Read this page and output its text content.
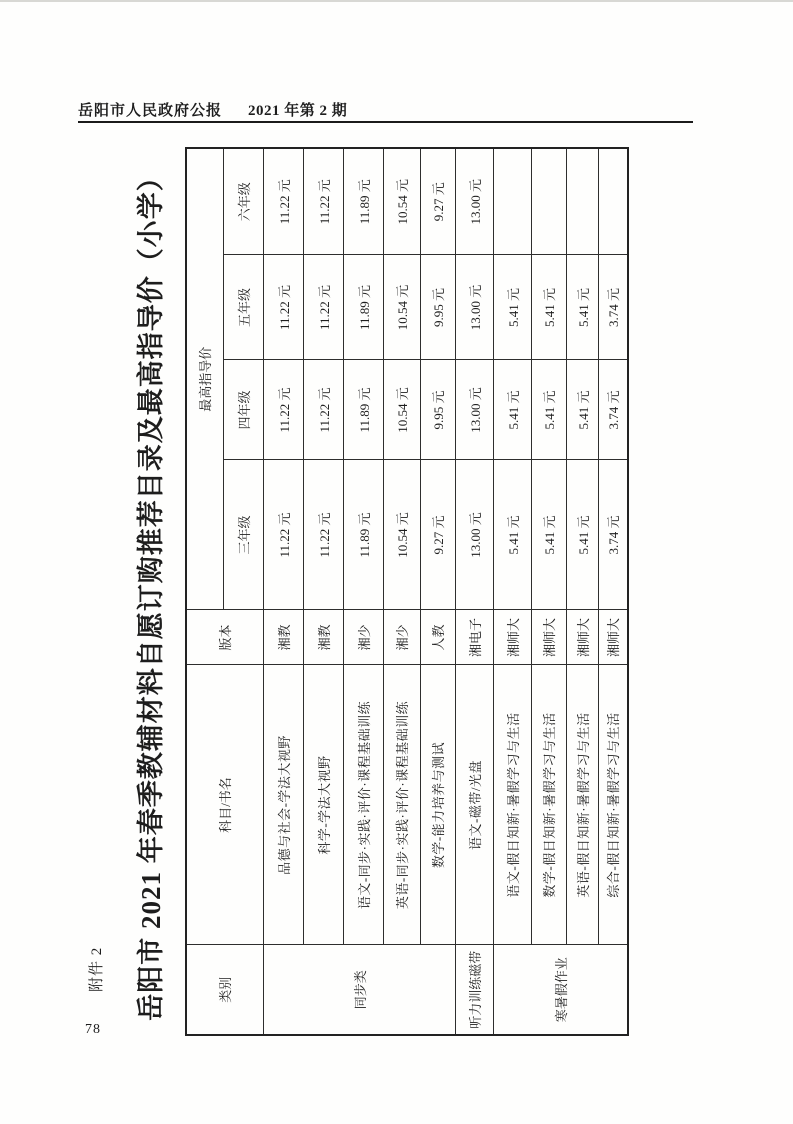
岳阳市人民政府公报 2021 年第 2 期
附件 2 岳阳市 2021 年春季教辅材料自愿订购推荐目录及最高指导价（小学）	类别	科目/书名	版本	最高指导价			
			三年级	四年级	五年级	六年级
同步类	品德与社会-学法大视野	湘教	11.22 元	11.22 元	11.22 元	11.22 元
	科学-学法大视野	湘教	11.22 元	11.22 元	11.22 元	11.22 元
	语文-同步·实践·评价·课程基础训练	湘少	11.89 元	11.89 元	11.89 元	11.89 元
	英语-同步·实践·评价·课程基础训练	湘少	10.54 元	10.54 元	10.54 元	10.54 元
	数学-能力培养与测试	人教	9.27 元	9.95 元	9.95 元	9.27 元
听力训练磁带	语文-磁带/光盘	湘电子	13.00 元	13.00 元	13.00 元	13.00 元
寒暑假作业	语文-假日知新·暑假学习与生活	湘师大	5.41 元	5.41 元	5.41 元	
	数学-假日知新·暑假学习与生活	湘师大	5.41 元	5.41 元	5.41 元	
	英语-假日知新·暑假学习与生活	湘师大	5.41 元	5.41 元	5.41 元	
	综合-假日知新·暑假学习与生活	湘师大	3.74 元	3.74 元	3.74 元	
78
